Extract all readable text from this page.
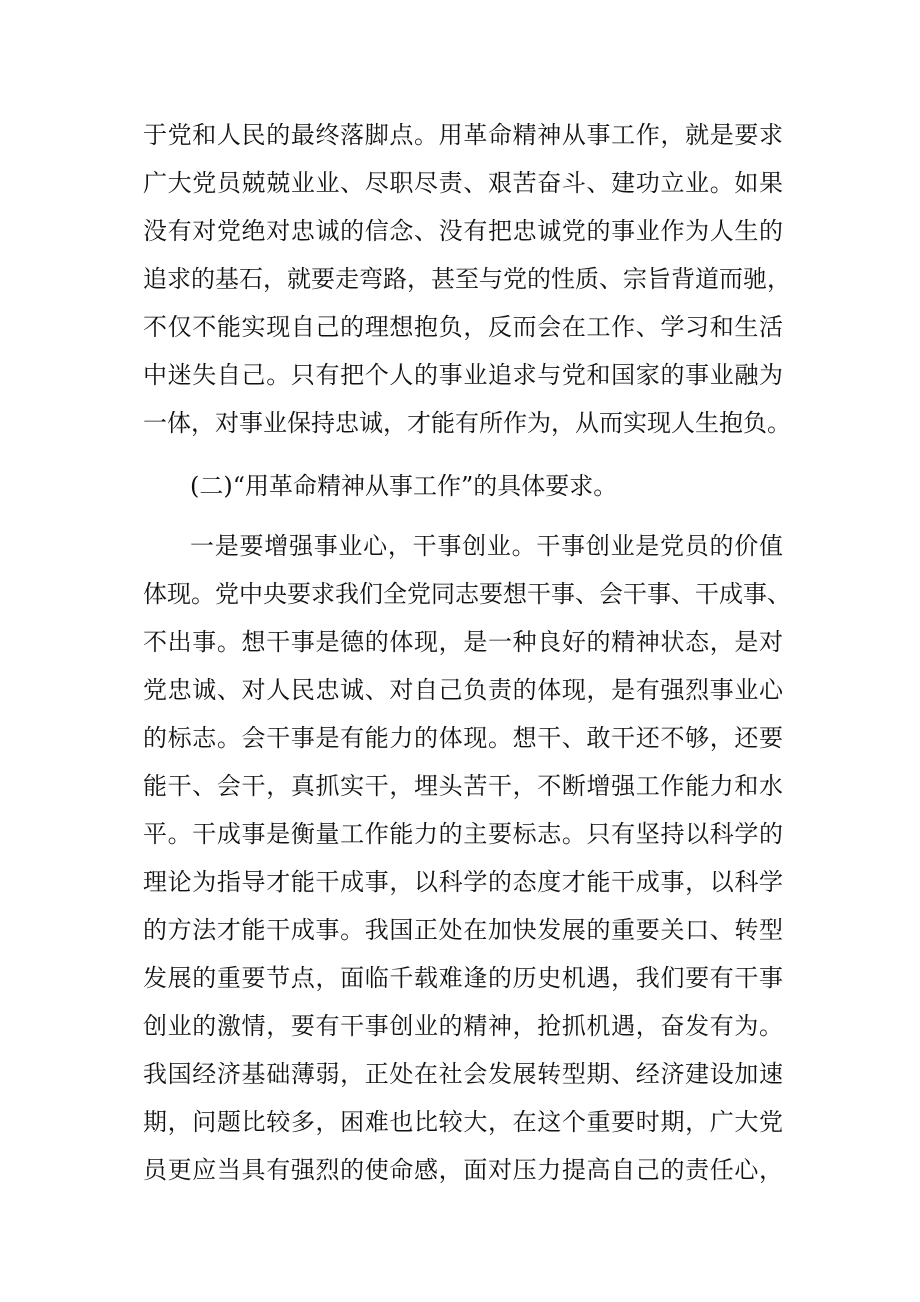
于党和人民的最终落脚点。用革命精神从事工作，就是要求
广大党员兢兢业业、尽职尽责、艰苦奋斗、建功立业。如果
没有对党绝对忠诚的信念、没有把忠诚党的事业作为人生的
追求的基石，就要走弯路，甚至与党的性质、宗旨背道而驰，
不仅不能实现自己的理想抱负，反而会在工作、学习和生活
中迷失自己。只有把个人的事业追求与党和国家的事业融为
一体，对事业保持忠诚，才能有所作为，从而实现人生抱负。
(二)“用革命精神从事工作”的具体要求。
一是要增强事业心，干事创业。干事创业是党员的价值
体现。党中央要求我们全党同志要想干事、会干事、干成事、
不出事。想干事是德的体现，是一种良好的精神状态，是对
党忠诚、对人民忠诚、对自己负责的体现，是有强烈事业心
的标志。会干事是有能力的体现。想干、敢干还不够，还要
能干、会干，真抓实干，埋头苦干，不断增强工作能力和水
平。干成事是衡量工作能力的主要标志。只有坚持以科学的
理论为指导才能干成事，以科学的态度才能干成事，以科学
的方法才能干成事。我国正处在加快发展的重要关口、转型
发展的重要节点，面临千载难逢的历史机遇，我们要有干事
创业的激情，要有干事创业的精神，抢抓机遇，奋发有为。
我国经济基础薄弱，正处在社会发展转型期、经济建设加速
期，问题比较多，困难也比较大，在这个重要时期，广大党
员更应当具有强烈的使命感，面对压力提高自己的责任心，
